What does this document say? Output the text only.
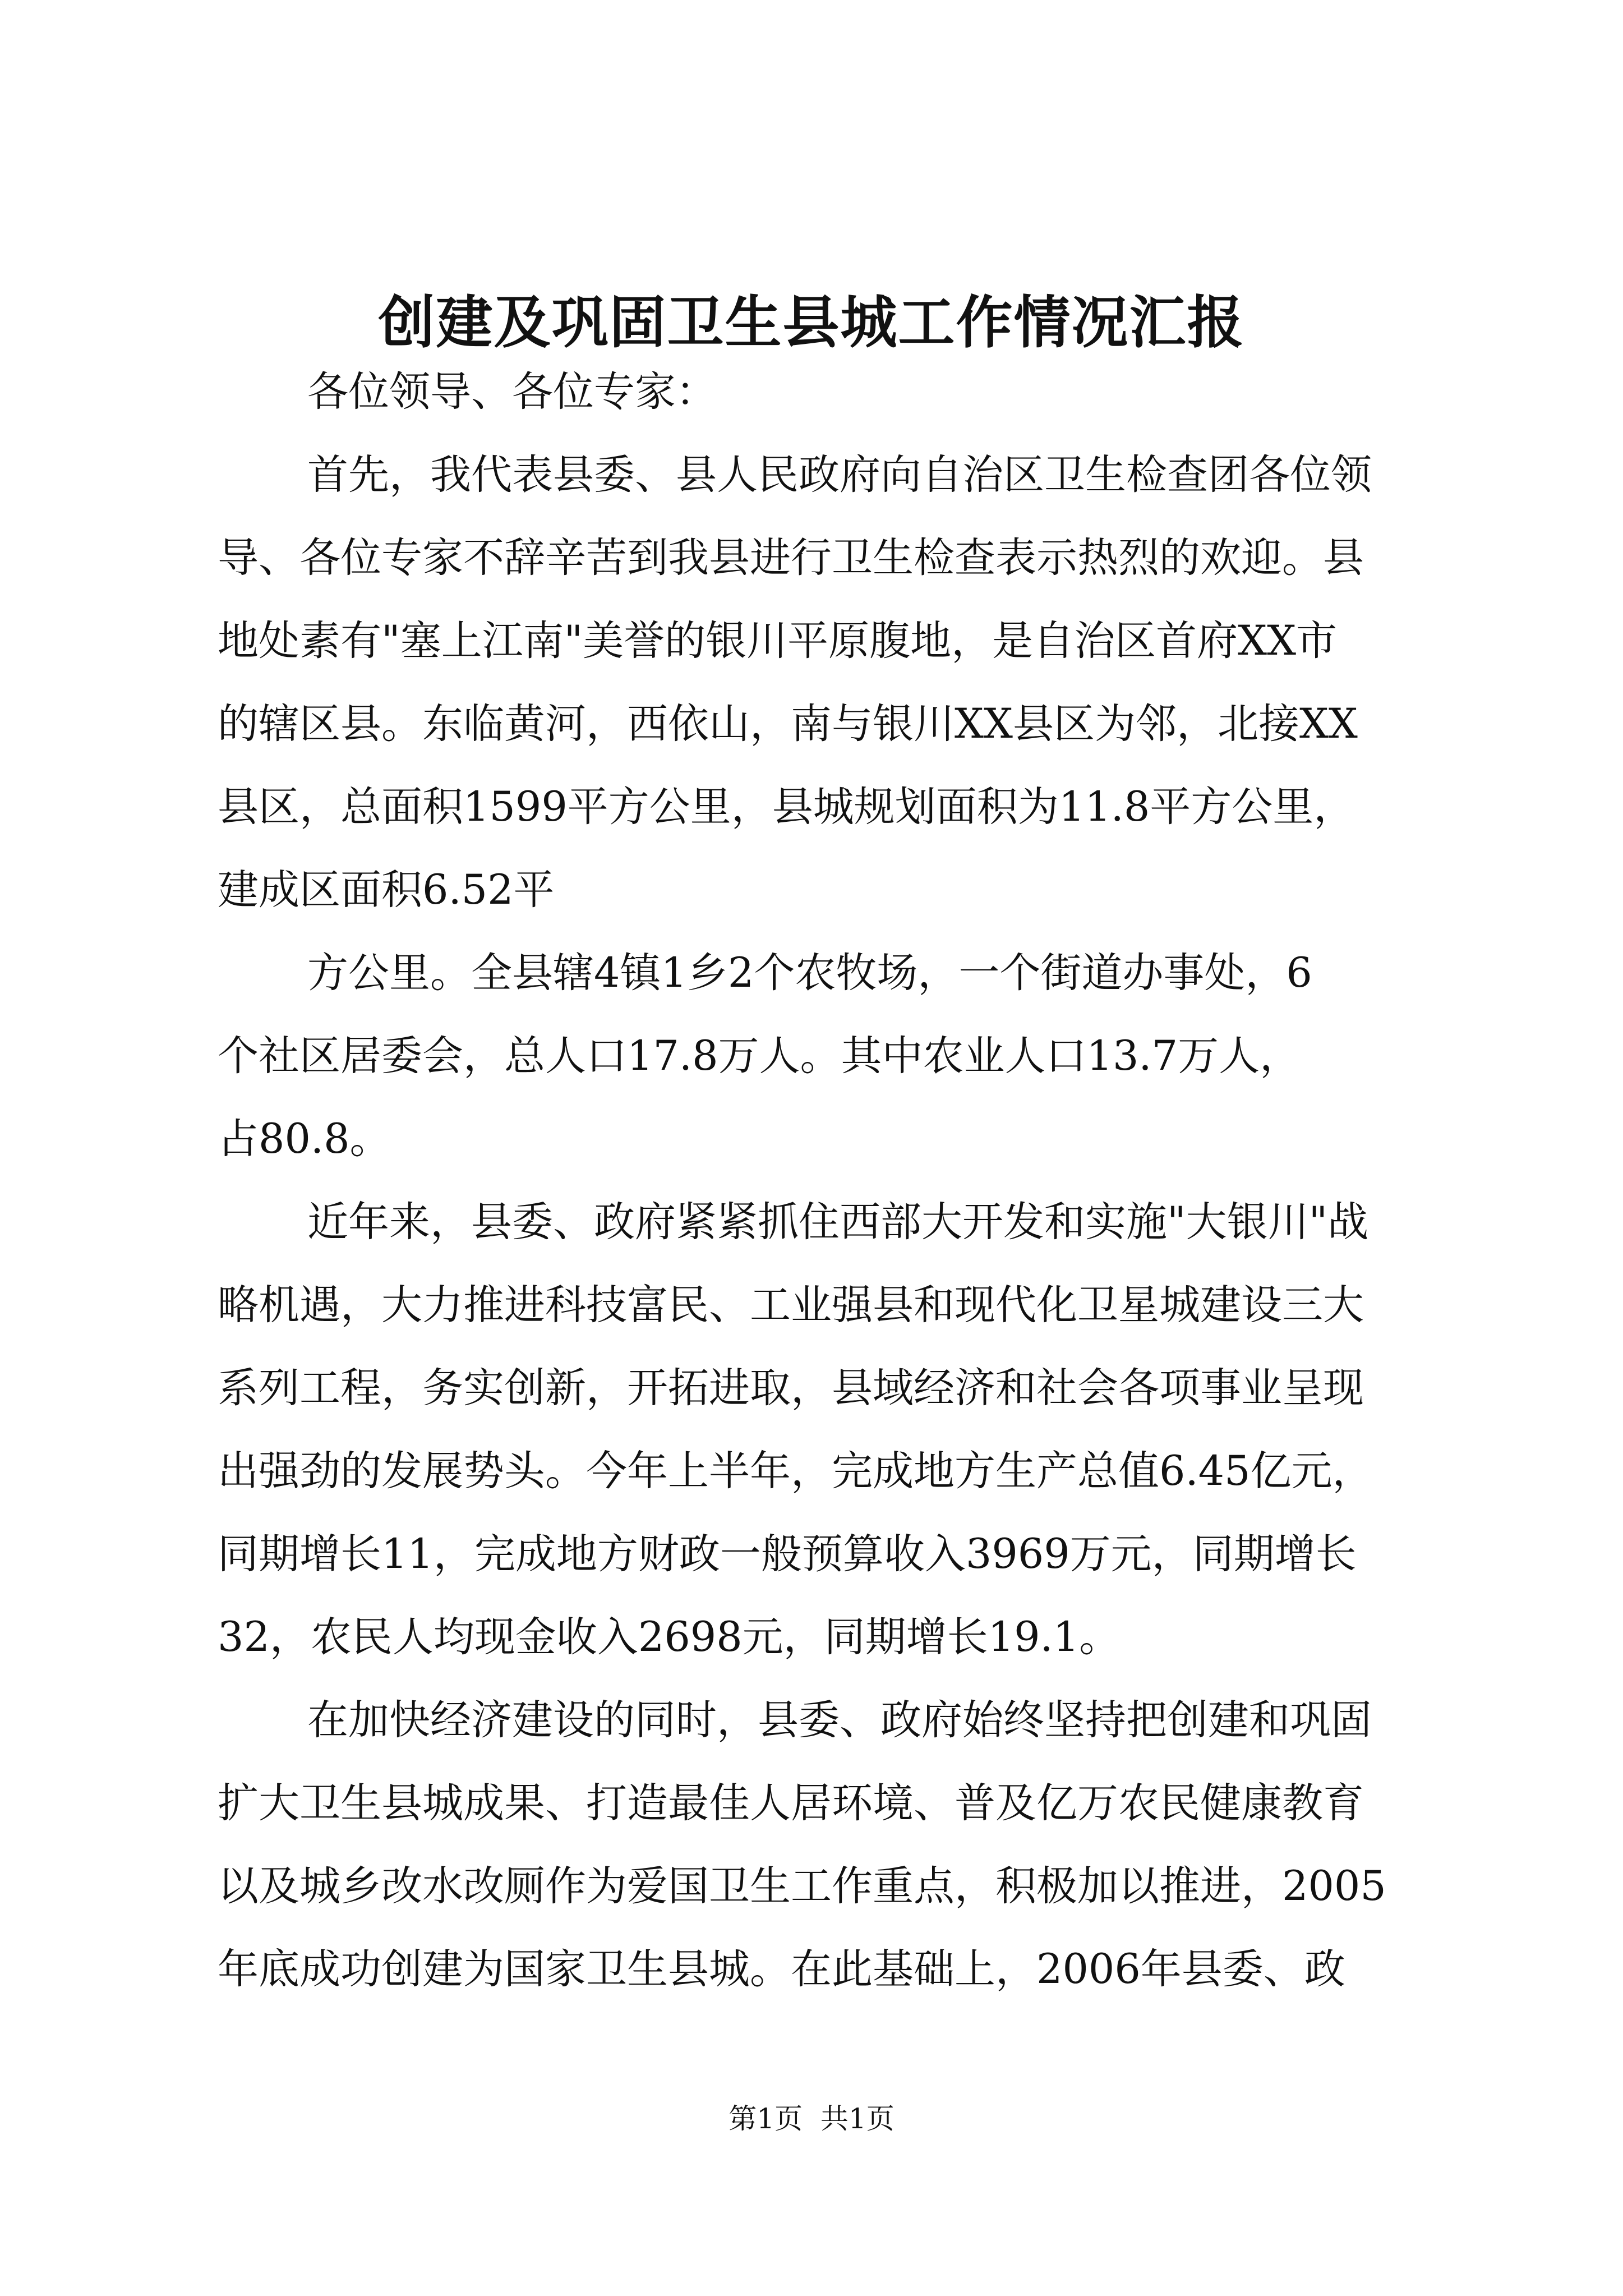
创建及巩固卫生县城工作情况汇报

各位领导、各位专家：

首先，我代表县委、县人民政府向自治区卫生检查团各位领

导、各位专家不辞辛苦到我县进行卫生检查表示热烈的欢迎。县

地处素有"塞上江南"美誉的银川平原腹地，是自治区首府XX市

的辖区县。东临黄河，西依山，南与银川XX县区为邻，北接XX

县区，总面积1599平方公里，县城规划面积为11.8平方公里，

建成区面积6.52平

方公里。全县辖4镇1乡2个农牧场，一个街道办事处，6

个社区居委会，总人口17.8万人。其中农业人口13.7万人，

占80.8。

近年来，县委、政府紧紧抓住西部大开发和实施"大银川"战

略机遇，大力推进科技富民、工业强县和现代化卫星城建设三大

系列工程，务实创新，开拓进取，县域经济和社会各项事业呈现

出强劲的发展势头。今年上半年，完成地方生产总值6.45亿元，

同期增长11，完成地方财政一般预算收入3969万元，同期增长

32，农民人均现金收入2698元，同期增长19.1。

在加快经济建设的同时，县委、政府始终坚持把创建和巩固

扩大卫生县城成果、打造最佳人居环境、普及亿万农民健康教育

以及城乡改水改厕作为爱国卫生工作重点，积极加以推进，2005

年底成功创建为国家卫生县城。在此基础上，2006年县委、政

第1页  共1页
